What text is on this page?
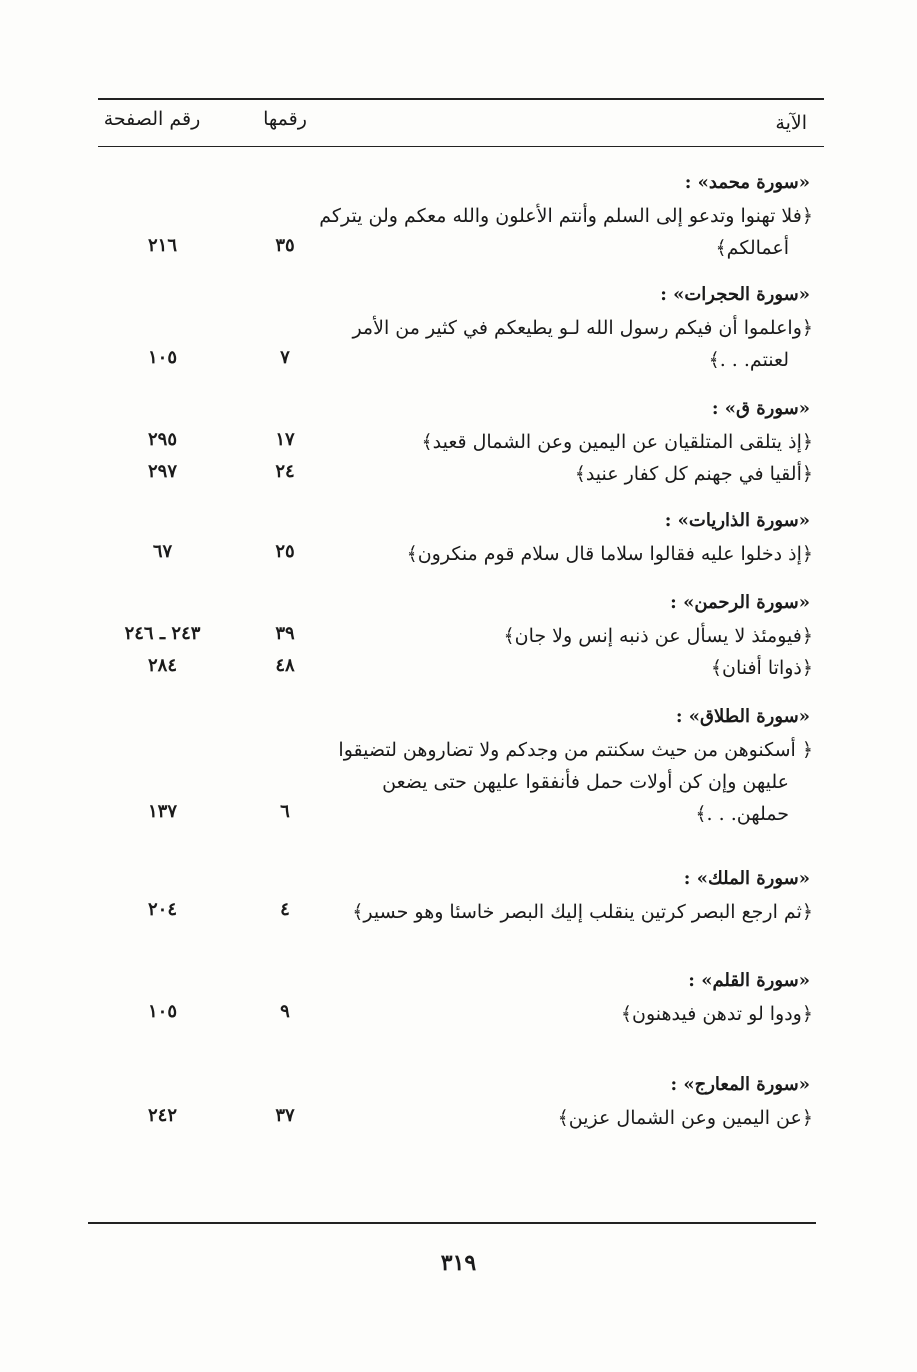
الآية
رقمها
رقم الصفحة
«سورة محمد» :
﴿فلا تهنوا وتدعو إلى السلم وأنتم الأعلون والله معكم ولن يتركم
أعمالكم﴾
٣٥
٢١٦
«سورة الحجرات» :
﴿واعلموا أن فيكم رسول الله لـو يطيعكم في كثير من الأمر
لعنتم. . .﴾
٧
١٠٥
«سورة ق» :
﴿إذ يتلقى المتلقيان عن اليمين وعن الشمال قعيد﴾
١٧
٢٩٥
﴿ألقيا في جهنم كل كفار عنيد﴾
٢٤
٢٩٧
«سورة الذاريات» :
﴿إذ دخلوا عليه فقالوا سلاما قال سلام قوم منكرون﴾
٢٥
٦٧
«سورة الرحمن» :
﴿فيومئذ لا يسأل عن ذنبه إنس ولا جان﴾
٣٩
٢٤٣ ـ ٢٤٦
﴿ذواتا أفنان﴾
٤٨
٢٨٤
«سورة الطلاق» :
﴿ أسكنوهن من حيث سكنتم من وجدكم ولا تضاروهن لتضيقوا
عليهن وإن كن أولات حمل فأنفقوا عليهن حتى يضعن
حملهن. . .﴾
٦
١٣٧
«سورة الملك» :
﴿ثم ارجع البصر كرتين ينقلب إليك البصر خاسئا وهو حسير﴾
٤
٢٠٤
«سورة القلم» :
﴿ودوا لو تدهن فيدهنون﴾
٩
١٠٥
«سورة المعارج» :
﴿عن اليمين وعن الشمال عزين﴾
٣٧
٢٤٢
٣١٩
